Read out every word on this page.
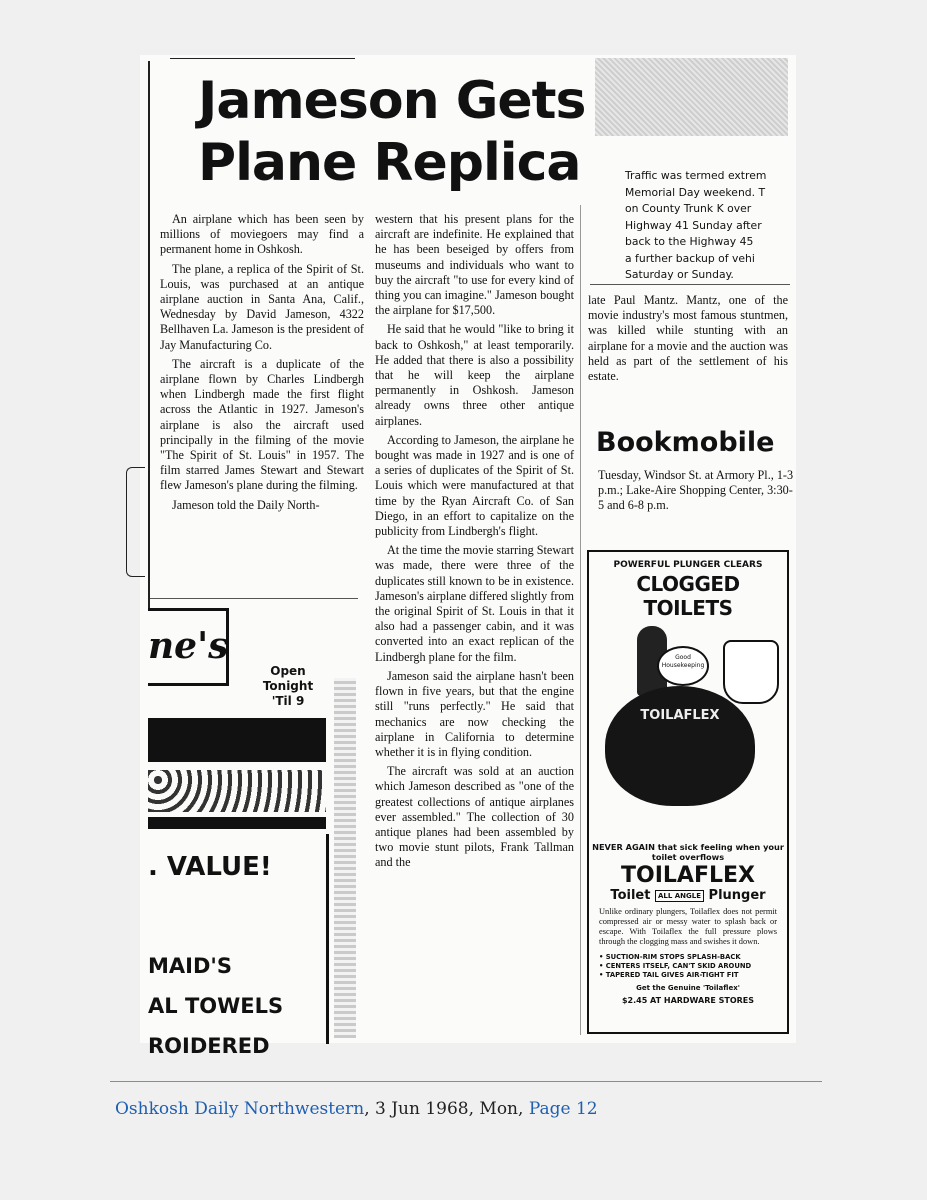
Jameson Gets Plane Replica

An airplane which has been seen by millions of moviegoers may find a permanent home in Oshkosh.

The plane, a replica of the Spirit of St. Louis, was purchased at an antique airplane auction in Santa Ana, Calif., Wednesday by David Jameson, 4322 Bellhaven La. Jameson is the president of Jay Manufacturing Co.

The aircraft is a duplicate of the airplane flown by Charles Lindbergh when Lindbergh made the first flight across the Atlantic in 1927. Jameson's airplane is also the aircraft used principally in the filming of the movie "The Spirit of St. Louis" in 1957. The film starred James Stewart and Stewart flew Jameson's plane during the filming.

Jameson told the Daily North-

western that his present plans for the aircraft are indefinite. He explained that he has been beseiged by offers from museums and individuals who want to buy the aircraft "to use for every kind of thing you can imagine." Jameson bought the airplane for $17,500.

He said that he would "like to bring it back to Oshkosh," at least temporarily. He added that there is also a possibility that he will keep the airplane permanently in Oshkosh. Jameson already owns three other antique airplanes.

According to Jameson, the airplane he bought was made in 1927 and is one of a series of duplicates of the Spirit of St. Louis which were manufactured at that time by the Ryan Aircraft Co. of San Diego, in an effort to capitalize on the publicity from Lindbergh's flight.

At the time the movie starring Stewart was made, there were three of the duplicates still known to be in existence. Jameson's airplane differed slightly from the original Spirit of St. Louis in that it also had a passenger cabin, and it was converted into an exact replican of the Lindbergh plane for the film.

Jameson said the airplane hasn't been flown in five years, but that the engine still "runs perfectly." He said that mechanics are now checking the airplane in California to determine whether it is in flying condition.

The aircraft was sold at an auction which Jameson described as "one of the greatest collections of antique airplanes ever assembled." The collection of 30 antique planes had been assembled by two movie stunt pilots, Frank Tallman and the

Traffic was termed extrem
Memorial Day weekend. T
on County Trunk K over
Highway 41 Sunday after
back to the Highway 45
a further backup of vehi
Saturday or Sunday.

late Paul Mantz. Mantz, one of the movie industry's most famous stuntmen, was killed while stunting with an airplane for a movie and the auction was held as part of the settlement of his estate.

Bookmobile
Tuesday, Windsor St. at Armory Pl., 1-3 p.m.; Lake-Aire Shopping Center, 3:30-5 and 6-8 p.m.
POWERFUL PLUNGER CLEARS
CLOGGED TOILETS
Good Housekeeping
TOILAFLEX
NEVER AGAIN that sick feeling when your toilet overflows
TOILAFLEX
Toilet ALL ANGLE Plunger
Unlike ordinary plungers, Toilaflex does not permit compressed air or messy water to splash back or escape. With Toilaflex the full pressure plows through the clogging mass and swishes it down.
• SUCTION-RIM STOPS SPLASH-BACK
• CENTERS ITSELF, CAN'T SKID AROUND
• TAPERED TAIL GIVES AIR-TIGHT FIT
Get the Genuine 'Toilaflex'
$2.45 AT HARDWARE STORES
ne's
Open
Tonight
'Til 9
. VALUE!
MAID'S
AL TOWELS
ROIDERED
Oshkosh Daily Northwestern, 3 Jun 1968, Mon, Page 12
